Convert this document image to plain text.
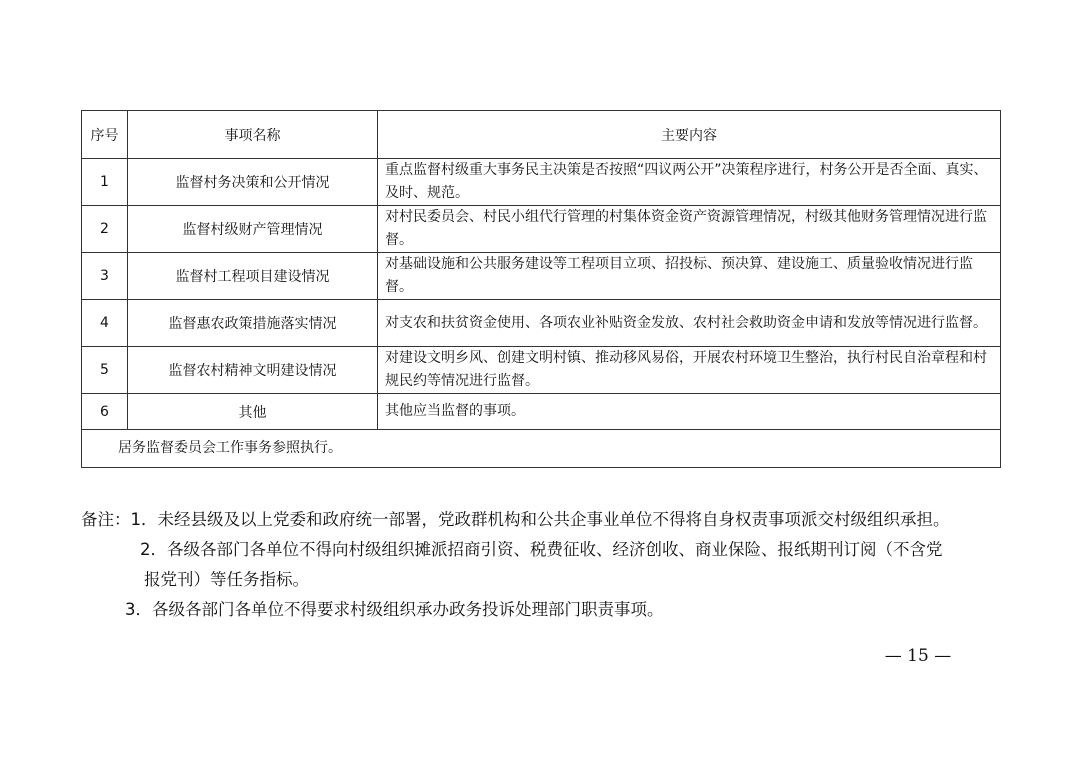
序号	事项名称	主要内容
1	监督村务决策和公开情况	重点监督村级重大事务民主决策是否按照“四议两公开”决策程序进行，村务公开是否全面、真实、及时、规范。

2	监督村级财产管理情况	对村民委员会、村民小组代行管理的村集体资金资产资源管理情况，村级其他财务管理情况进行监督。

3	监督村工程项目建设情况	对基础设施和公共服务建设等工程项目立项、招投标、预决算、建设施工、质量验收情况进行监督。

4	监督惠农政策措施落实情况	对支农和扶贫资金使用、各项农业补贴资金发放、农村社会救助资金申请和发放等情况进行监督。

5	监督农村精神文明建设情况	对建设文明乡风、创建文明村镇、推动移风易俗，开展农村环境卫生整治，执行村民自治章程和村规民约等情况进行监督。

6	其他	其他应当监督的事项。

居务监督委员会工作事务参照执行。		
备注：1．未经县级及以上党委和政府统一部署，党政群机构和公共企事业单位不得将自身权责事项派交村级组织承担。
2．各级各部门各单位不得向村级组织摊派招商引资、税费征收、经济创收、商业保险、报纸期刊订阅（不含党
报党刊）等任务指标。
3．各级各部门各单位不得要求村级组织承办政务投诉处理部门职责事项。
— 15 —
